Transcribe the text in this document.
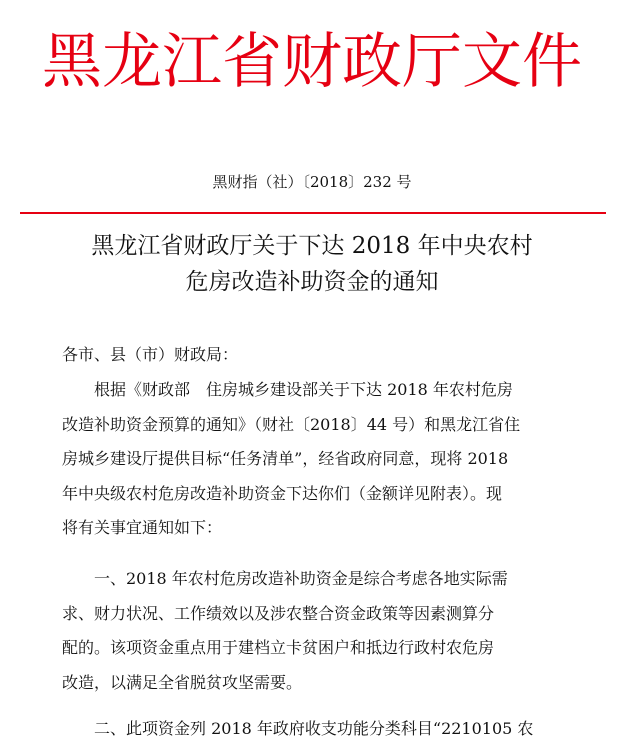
黑龙江省财政厅文件
黑财指（社）〔2018〕232 号
黑龙江省财政厅关于下达 2018 年中央农村
危房改造补助资金的通知
各市、县（市）财政局：

　　根据《财政部　住房城乡建设部关于下达 2018 年农村危房
改造补助资金预算的通知》（财社〔2018〕44 号）和黑龙江省住
房城乡建设厅提供目标“任务清单”，经省政府同意，现将 2018
年中央级农村危房改造补助资金下达你们（金额详见附表）。现
将有关事宜通知如下：

　　一、2018 年农村危房改造补助资金是综合考虑各地实际需
求、财力状况、工作绩效以及涉农整合资金政策等因素测算分
配的。该项资金重点用于建档立卡贫困户和抵边行政村农危房
改造，以满足全省脱贫攻坚需要。

　　二、此项资金列 2018 年政府收支功能分类科目“2210105 农
